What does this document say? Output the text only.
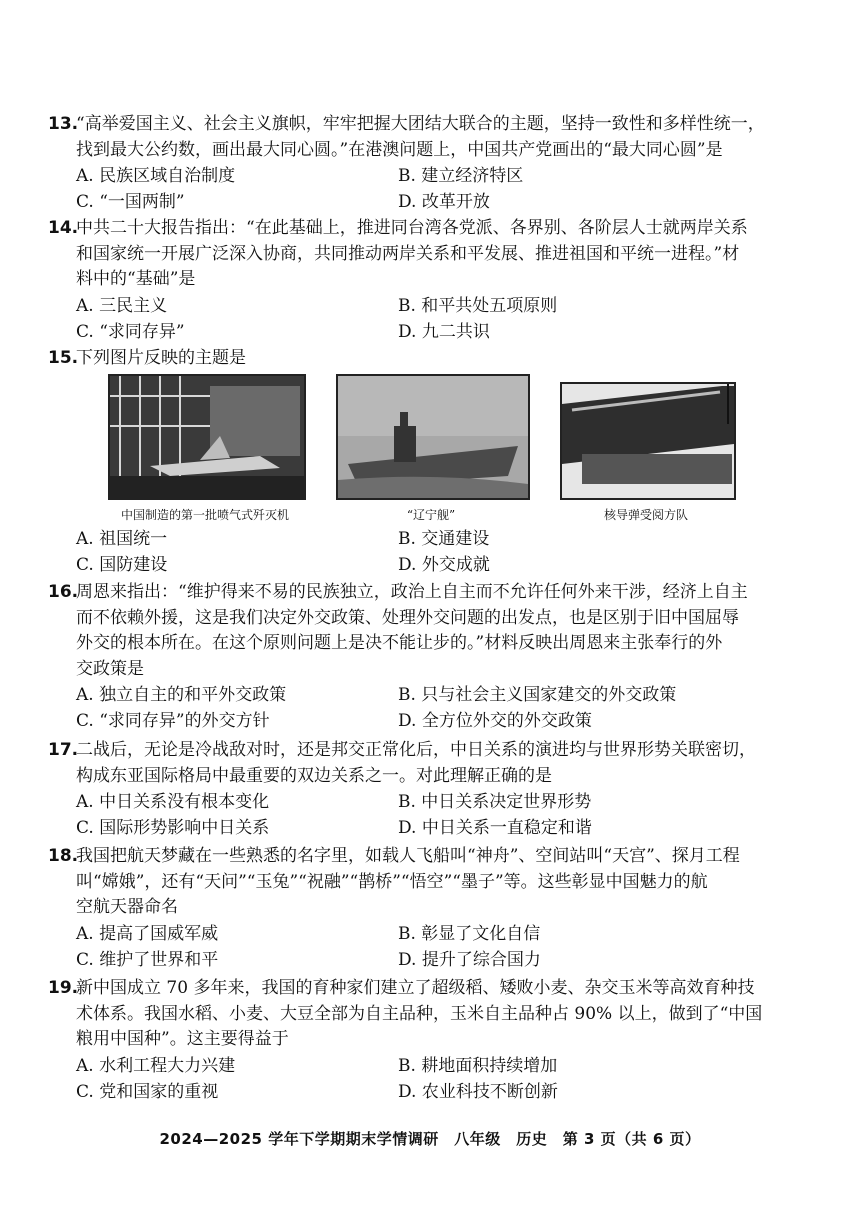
13.“高举爱国主义、社会主义旗帜，牢牢把握大团结大联合的主题，坚持一致性和多样性统一，

找到最大公约数，画出最大同心圆。”在港澳问题上，中国共产党画出的“最大同心圆”是

A. 民族区域自治制度	B. 建立经济特区
C. “一国两制”	D. 改革开放

14.中共二十大报告指出：“在此基础上，推进同台湾各党派、各界别、各阶层人士就两岸关系

和国家统一开展广泛深入协商，共同推动两岸关系和平发展、推进祖国和平统一进程。”材

料中的“基础”是

A. 三民主义	B. 和平共处五项原则
C. “求同存异”	D. 九二共识

15.下列图片反映的主题是

中国制造的第一批喷气式歼灭机	“辽宁舰”	核导弹受阅方队
A. 祖国统一	B. 交通建设
C. 国防建设	D. 外交成就

16.周恩来指出：“维护得来不易的民族独立，政治上自主而不允许任何外来干涉，经济上自主

而不依赖外援，这是我们决定外交政策、处理外交问题的出发点，也是区别于旧中国屈辱

外交的根本所在。在这个原则问题上是决不能让步的。”材料反映出周恩来主张奉行的外

交政策是

A. 独立自主的和平外交政策	B. 只与社会主义国家建交的外交政策
C. “求同存异”的外交方针	D. 全方位外交的外交政策

17.二战后，无论是冷战敌对时，还是邦交正常化后，中日关系的演进均与世界形势关联密切，

构成东亚国际格局中最重要的双边关系之一。对此理解正确的是

A. 中日关系没有根本变化	B. 中日关系决定世界形势
C. 国际形势影响中日关系	D. 中日关系一直稳定和谐

18.我国把航天梦藏在一些熟悉的名字里，如载人飞船叫“神舟”、空间站叫“天宫”、探月工程

叫“嫦娥”，还有“天问”“玉兔”“祝融”“鹊桥”“悟空”“墨子”等。这些彰显中国魅力的航

空航天器命名

A. 提高了国威军威	B. 彰显了文化自信
C. 维护了世界和平	D. 提升了综合国力

19.新中国成立 70 多年来，我国的育种家们建立了超级稻、矮败小麦、杂交玉米等高效育种技

术体系。我国水稻、小麦、大豆全部为自主品种，玉米自主品种占 90% 以上，做到了“中国

粮用中国种”。这主要得益于

A. 水利工程大力兴建	B. 耕地面积持续增加
C. 党和国家的重视	D. 农业科技不断创新
2024—2025 学年下学期期末学情调研　八年级　历史　第 3 页（共 6 页）
